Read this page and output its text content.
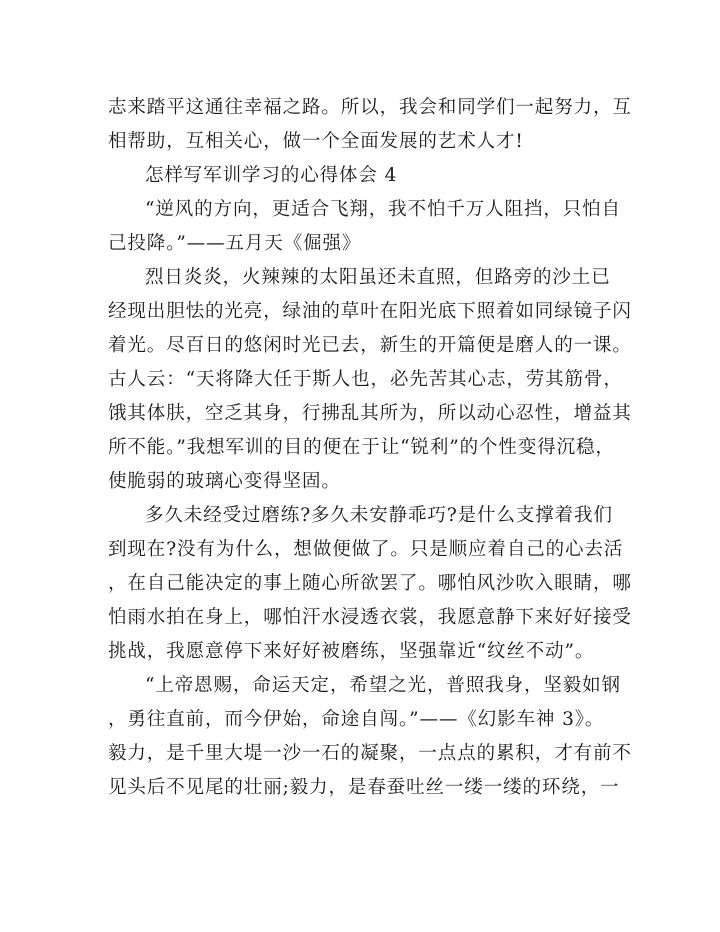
志来踏平这通往幸福之路。所以，我会和同学们一起努力，互
相帮助，互相关心，做一个全面发展的艺术人才!
怎样写军训学习的心得体会 4
“逆风的方向，更适合飞翔，我不怕千万人阻挡，只怕自
己投降。”——五月天《倔强》
烈日炎炎，火辣辣的太阳虽还未直照，但路旁的沙土已
经现出胆怯的光亮，绿油的草叶在阳光底下照着如同绿镜子闪
着光。尽百日的悠闲时光已去，新生的开篇便是磨人的一课。
古人云：“天将降大任于斯人也，必先苦其心志，劳其筋骨，
饿其体肤，空乏其身，行拂乱其所为，所以动心忍性，增益其
所不能。”我想军训的目的便在于让“锐利”的个性变得沉稳，
使脆弱的玻璃心变得坚固。
多久未经受过磨练?多久未安静乖巧?是什么支撑着我们
到现在?没有为什么，想做便做了。只是顺应着自己的心去活
，在自己能决定的事上随心所欲罢了。哪怕风沙吹入眼睛，哪
怕雨水拍在身上，哪怕汗水浸透衣裳，我愿意静下来好好接受
挑战，我愿意停下来好好被磨练，坚强靠近“纹丝不动”。
“上帝恩赐，命运天定，希望之光，普照我身，坚毅如钢
，勇往直前，而今伊始，命途自闯。”——《幻影车神 3》。
毅力，是千里大堤一沙一石的凝聚，一点点的累积，才有前不
见头后不见尾的壮丽;毅力，是春蚕吐丝一缕一缕的环绕，一
